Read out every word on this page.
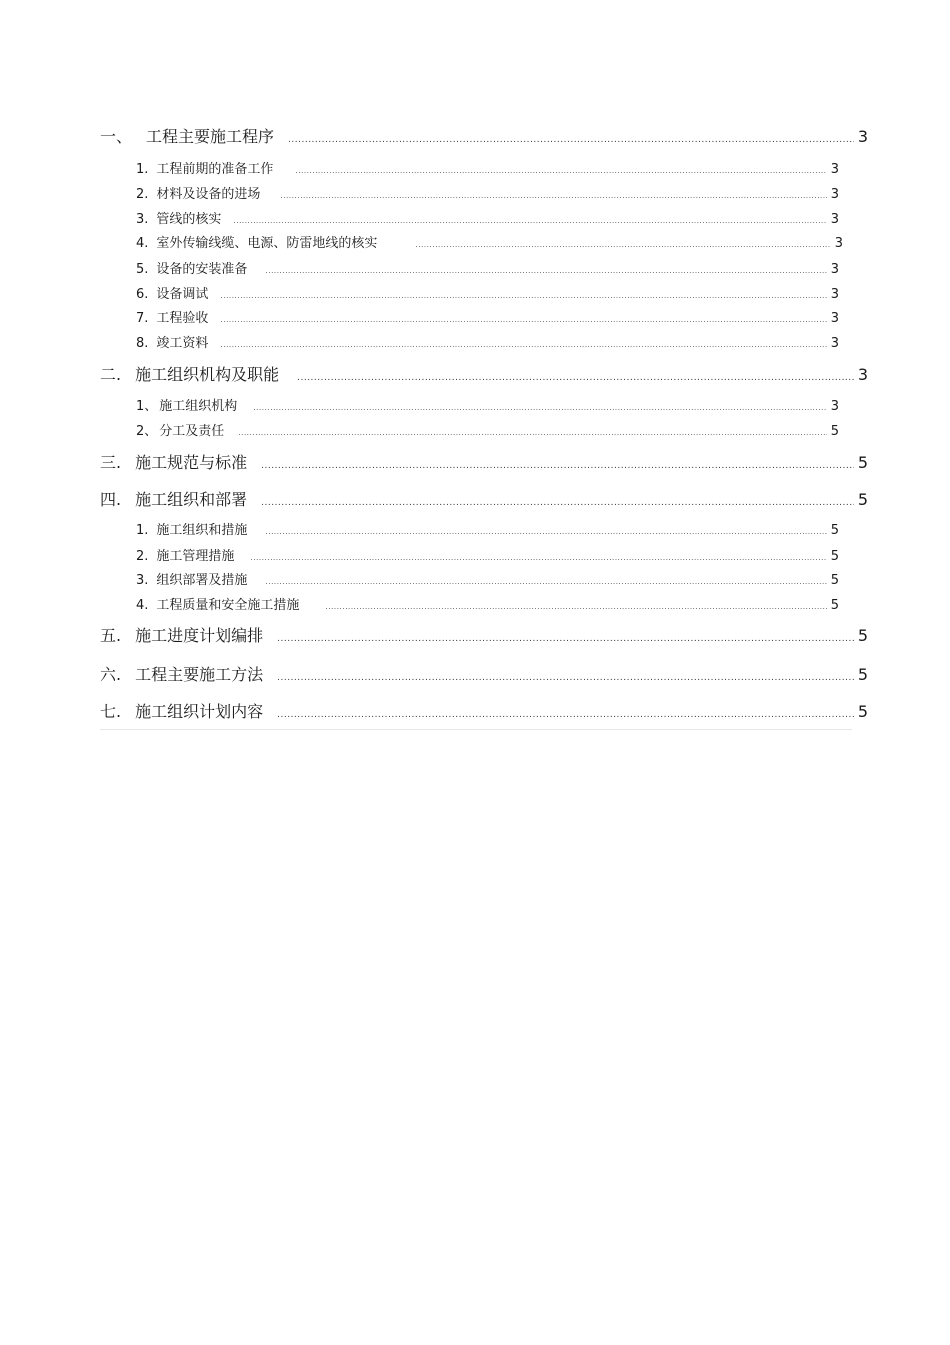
一、 工程主要施工程序 .....	3
1. 工程前期的准备工作 .....	3
2. 材料及设备的进场 .....	3
3. 管线的核实 .....	3
4. 室外传输线缆、电源、防雷地线的核实 .....	3
5. 设备的安装准备 .....	3
6. 设备调试 .....	3
7. 工程验收 .....	3
8. 竣工资料 .....	3
二. 施工组织机构及职能 .....	3
1、 施工组织机构 .....	3
2、 分工及责任 .....	5
三. 施工规范与标准 .....	5
四. 施工组织和部署 .....	5
1. 施工组织和措施 .....	5
2. 施工管理措施 .....	5
3. 组织部署及措施 .....	5
4. 工程质量和安全施工措施 .....	5
五. 施工进度计划编排 .....	5
六. 工程主要施工方法 .....	5
七. 施工组织计划内容 .....	5
